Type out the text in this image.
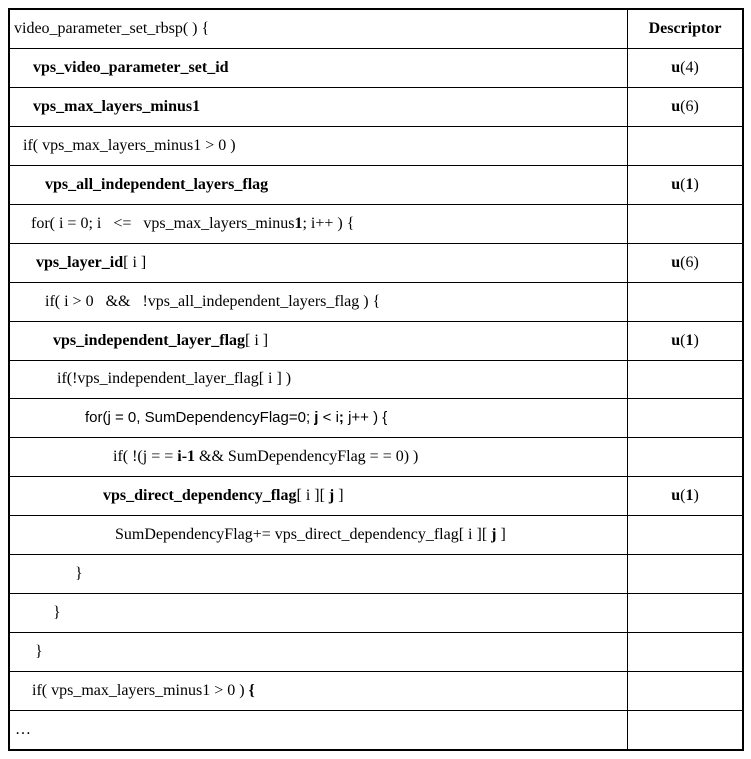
video_parameter_set_rbsp( ) {	Descriptor
vps_video_parameter_set_id	u(4)
vps_max_layers_minus1	u(6)
if( vps_max_layers_minus1 > 0 )	
vps_all_independent_layers_flag	u(1)
for( i = 0; i   <=   vps_max_layers_minus1; i++ ) {	
vps_layer_id[ i ]	u(6)
if( i > 0   &&   !vps_all_independent_layers_flag ) {	
vps_independent_layer_flag[ i ]	u(1)
if(!vps_independent_layer_flag[ i ] )	
for(j = 0, SumDependencyFlag=0; j < i; j++ ) {	
if( !(j = = i-1 && SumDependencyFlag = = 0) )	
vps_direct_dependency_flag[ i ][ j ]	u(1)
SumDependencyFlag+= vps_direct_dependency_flag[ i ][ j ]	
}	
}	
}	
if( vps_max_layers_minus1 > 0 ) {	
…	
